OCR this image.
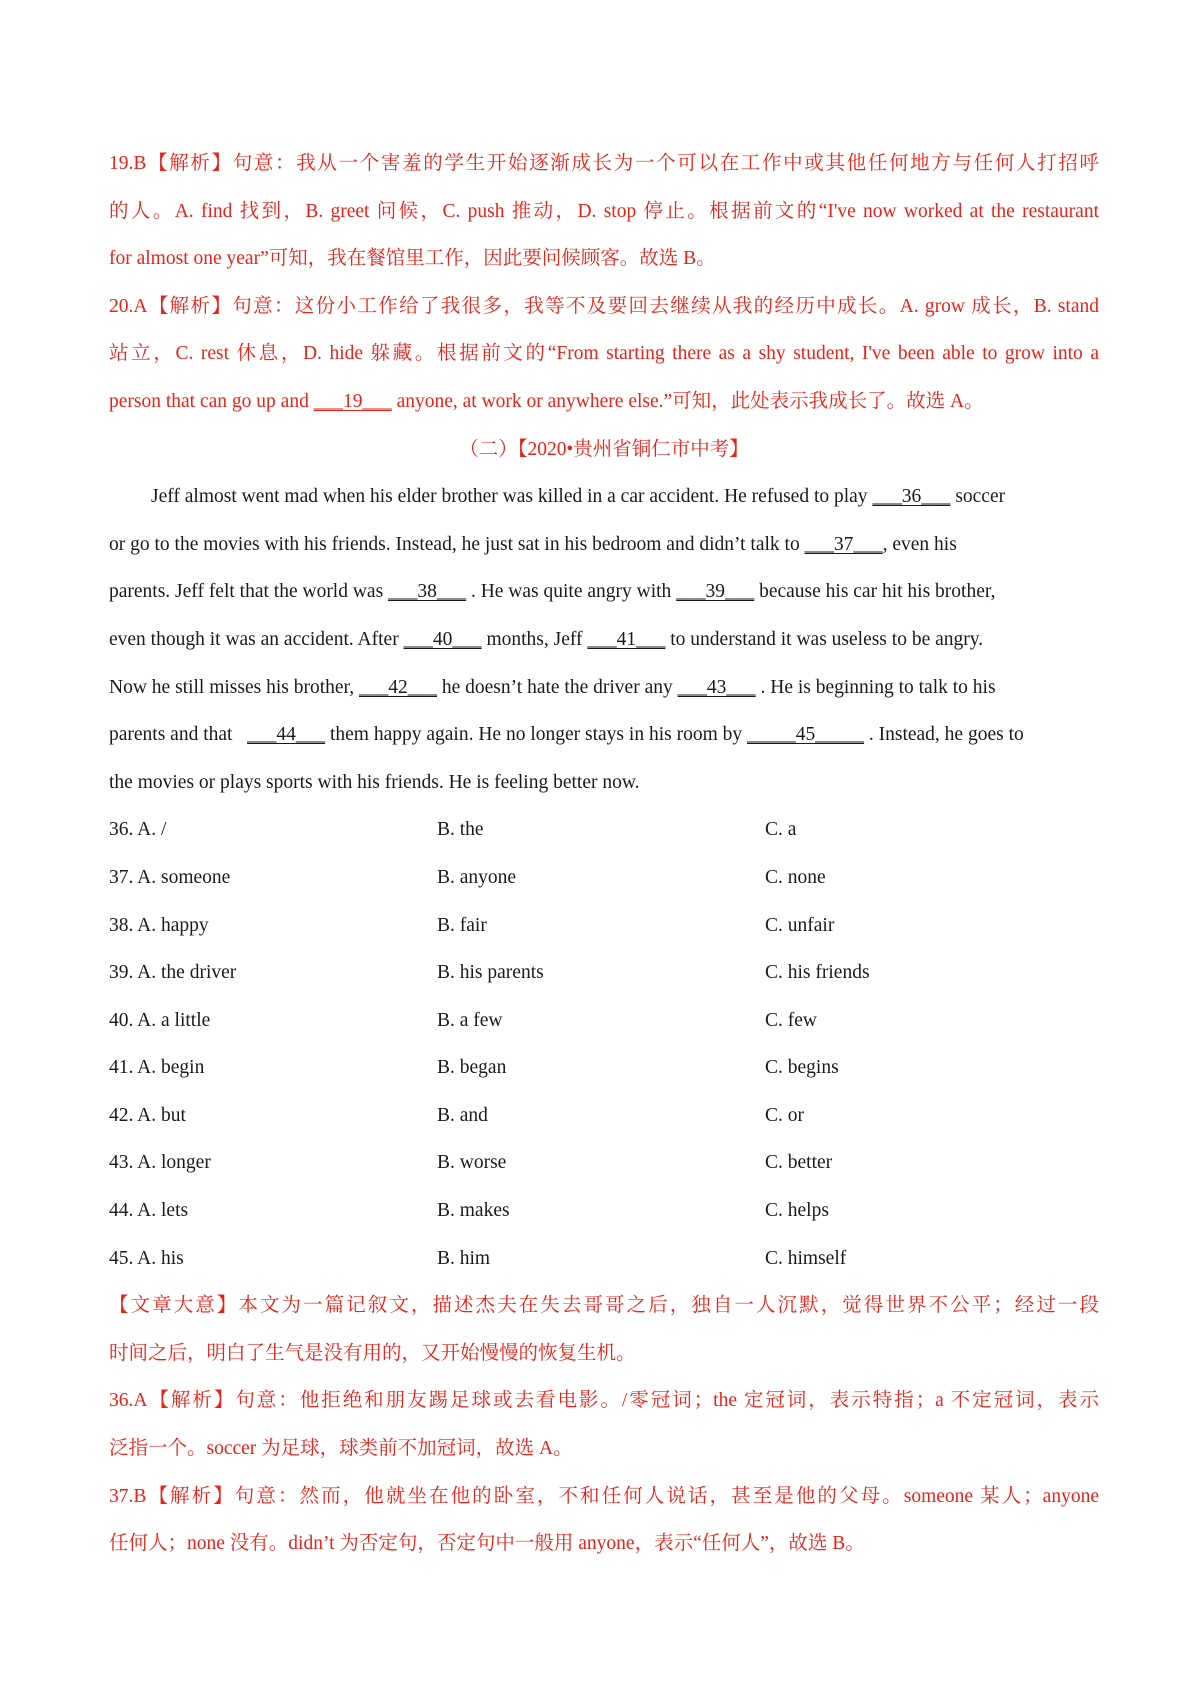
19.B【解析】句意：我从一个害羞的学生开始逐渐成长为一个可以在工作中或其他任何地方与任何人打招呼
的人。A. find 找到，B. greet 问候，C. push 推动，D. stop 停止。根据前文的“I've now worked at the restaurant
for almost one year”可知，我在餐馆里工作，因此要问候顾客。故选 B。
20.A【解析】句意：这份小工作给了我很多，我等不及要回去继续从我的经历中成长。A. grow 成长，B. stand
站立，C. rest 休息，D. hide 躲藏。根据前文的“From starting there as a shy student, I've been able to grow into a
person that can go up and ___19___ anyone, at work or anywhere else.”可知，此处表示我成长了。故选 A。
（二）【2020•贵州省铜仁市中考】
Jeff almost went mad when his elder brother was killed in a car accident. He refused to play ___36___ soccer
or go to the movies with his friends. Instead, he just sat in his bedroom and didn’t talk to ___37___, even his
parents. Jeff felt that the world was ___38___ . He was quite angry with ___39___ because his car hit his brother,
even though it was an accident. After ___40___ months, Jeff ___41___ to understand it was useless to be angry.
Now he still misses his brother, ___42___ he doesn’t hate the driver any ___43___ . He is beginning to talk to his
parents and that   ___44___ them happy again. He no longer stays in his room by _____45_____ . Instead, he goes to
the movies or plays sports with his friends. He is feeling better now.
36. A. /	B. the	C. a
37. A. someone	B. anyone	C. none
38. A. happy	B. fair	C. unfair
39. A. the driver	B. his parents	C. his friends
40. A. a little	B. a few	C. few
41. A. begin	B. began	C. begins
42. A. but	B. and	C. or
43. A. longer	B. worse	C. better
44. A. lets	B. makes	C. helps
45. A. his	B. him	C. himself
【文章大意】本文为一篇记叙文，描述杰夫在失去哥哥之后，独自一人沉默，觉得世界不公平；经过一段
时间之后，明白了生气是没有用的，又开始慢慢的恢复生机。
36.A【解析】句意：他拒绝和朋友踢足球或去看电影。/零冠词；the 定冠词，表示特指；a 不定冠词，表示
泛指一个。soccer 为足球，球类前不加冠词，故选 A。
37.B【解析】句意：然而，他就坐在他的卧室，不和任何人说话，甚至是他的父母。someone 某人；anyone
任何人；none 没有。didn’t 为否定句，否定句中一般用 anyone，表示“任何人”，故选 B。
